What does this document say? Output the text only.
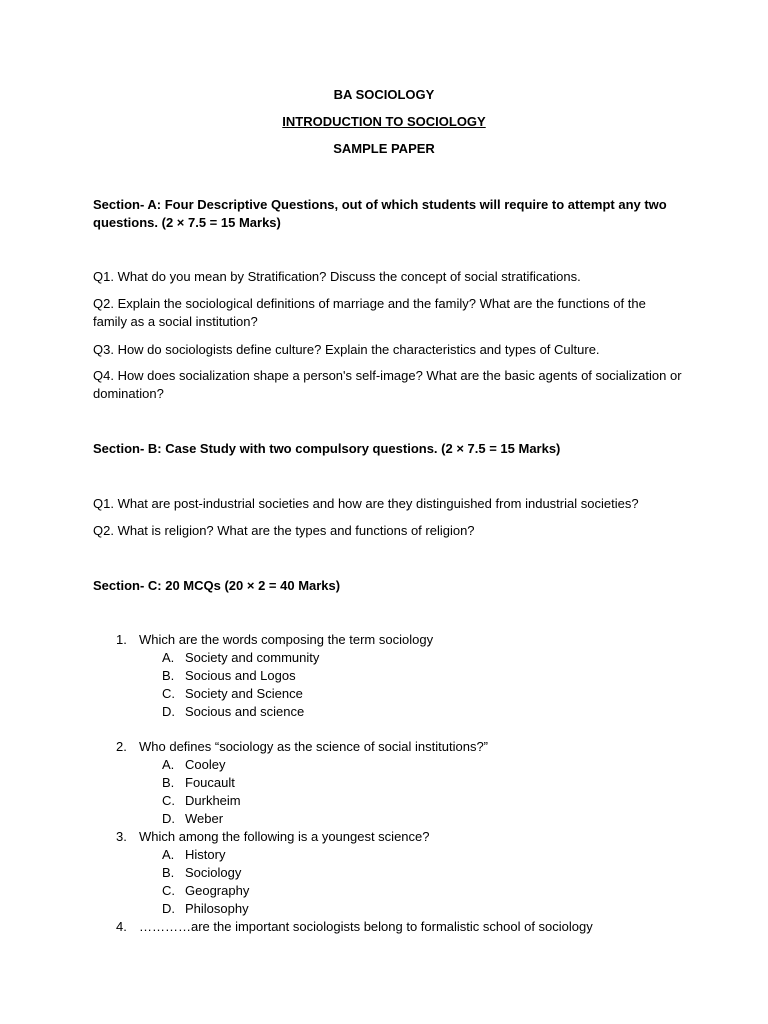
BA SOCIOLOGY
INTRODUCTION TO SOCIOLOGY
SAMPLE PAPER
Section- A: Four Descriptive Questions, out of which students will require to attempt any two questions. (2 × 7.5 = 15 Marks)
Q1. What do you mean by Stratification? Discuss the concept of social stratifications.
Q2. Explain the sociological definitions of marriage and the family? What are the functions of the family as a social institution?
Q3. How do sociologists define culture? Explain the characteristics and types of Culture.
Q4. How does socialization shape a person's self-image? What are the basic agents of socialization or domination?
Section- B: Case Study with two compulsory questions. (2 × 7.5 = 15 Marks)
Q1. What are post-industrial societies and how are they distinguished from industrial societies?
Q2. What is religion? What are the types and functions of religion?
Section- C: 20 MCQs (20 × 2 = 40 Marks)
1. Which are the words composing the term sociology
A. Society and community
B. Socious and Logos
C. Society and Science
D. Socious and science
2. Who defines “sociology as the science of social institutions?”
A. Cooley
B. Foucault
C. Durkheim
D. Weber
3. Which among the following is a youngest science?
A. History
B. Sociology
C. Geography
D. Philosophy
4. …………are the important sociologists belong to formalistic school of sociology
